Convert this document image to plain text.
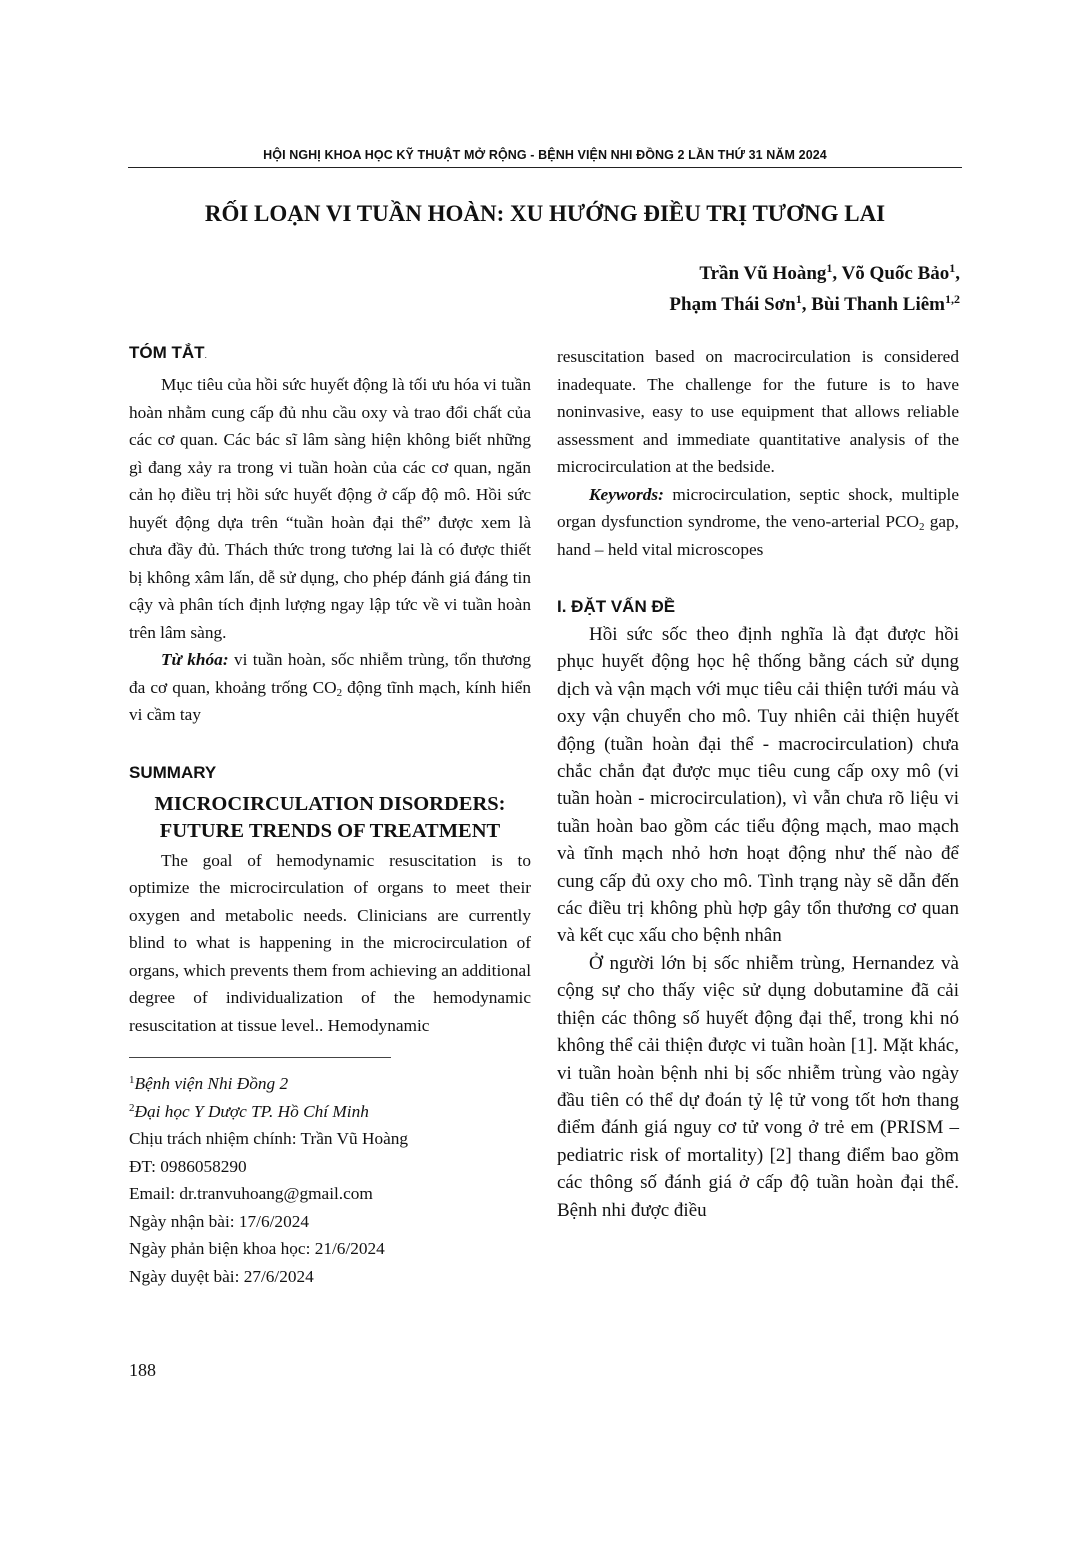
HỘI NGHỊ KHOA HỌC KỸ THUẬT MỞ RỘNG - BỆNH VIỆN NHI ĐỒNG 2 LẦN THỨ 31 NĂM 2024
RỐI LOẠN VI TUẦN HOÀN: XU HƯỚNG ĐIỀU TRỊ TƯƠNG LAI
Trần Vũ Hoàng$^1$, Võ Quốc Bảo$^1$,
Phạm Thái Sơn$^1$, Bùi Thanh Liêm$^{1,2}$
TÓM TẮT.

Mục tiêu của hồi sức huyết động là tối ưu hóa vi tuần hoàn nhằm cung cấp đủ nhu cầu oxy và trao đổi chất của các cơ quan. Các bác sĩ lâm sàng hiện không biết những gì đang xảy ra trong vi tuần hoàn của các cơ quan, ngăn cản họ điều trị hồi sức huyết động ở cấp độ mô. Hồi sức huyết động dựa trên “tuần hoàn đại thể” được xem là chưa đầy đủ. Thách thức trong tương lai là có được thiết bị không xâm lấn, dễ sử dụng, cho phép đánh giá đáng tin cậy và phân tích định lượng ngay lập tức về vi tuần hoàn trên lâm sàng.

Từ khóa: vi tuần hoàn, sốc nhiễm trùng, tổn thương đa cơ quan, khoảng trống $CO_2$ động tĩnh mạch, kính hiển vi cầm tay

SUMMARY
MICROCIRCULATION DISORDERS:
FUTURE TRENDS OF TREATMENT

The goal of hemodynamic resuscitation is to optimize the microcirculation of organs to meet their oxygen and metabolic needs. Clinicians are currently blind to what is happening in the microcirculation of organs, which prevents them from achieving an additional degree of individualization of the hemodynamic resuscitation at tissue level.. Hemodynamic

$^1$Bệnh viện Nhi Đồng 2
$^2$Đại học Y Dược TP. Hồ Chí Minh
Chịu trách nhiệm chính: Trần Vũ Hoàng
ĐT: 0986058290
Email: dr.tranvuhoang@gmail.com
Ngày nhận bài: 17/6/2024
Ngày phản biện khoa học: 21/6/2024
Ngày duyệt bài: 27/6/2024

resuscitation based on macrocirculation is considered inadequate. The challenge for the future is to have noninvasive, easy to use equipment that allows reliable assessment and immediate quantitative analysis of the microcirculation at the bedside.

Keywords: microcirculation, septic shock, multiple organ dysfunction syndrome, the veno-arterial $PCO_2$ gap, hand – held vital microscopes

I. ĐẶT VẤN ĐỀ

Hồi sức sốc theo định nghĩa là đạt được hồi phục huyết động học hệ thống bằng cách sử dụng dịch và vận mạch với mục tiêu cải thiện tưới máu và oxy vận chuyển cho mô. Tuy nhiên cải thiện huyết động (tuần hoàn đại thể - macrocirculation) chưa chắc chắn đạt được mục tiêu cung cấp oxy mô (vi tuần hoàn - microcirculation), vì vẫn chưa rõ liệu vi tuần hoàn bao gồm các tiểu động mạch, mao mạch và tĩnh mạch nhỏ hơn hoạt động như thế nào để cung cấp đủ oxy cho mô. Tình trạng này sẽ dẫn đến các điều trị không phù hợp gây tổn thương cơ quan và kết cục xấu cho bệnh nhân

Ở người lớn bị sốc nhiễm trùng, Hernandez và cộng sự cho thấy việc sử dụng dobutamine đã cải thiện các thông số huyết động đại thể, trong khi nó không thể cải thiện được vi tuần hoàn [1]. Mặt khác, vi tuần hoàn bệnh nhi bị sốc nhiễm trùng vào ngày đầu tiên có thể dự đoán tỷ lệ tử vong tốt hơn thang điểm đánh giá nguy cơ tử vong ở trẻ em (PRISM – pediatric risk of mortality) [2] thang điểm bao gồm các thông số đánh giá ở cấp độ tuần hoàn đại thể. Bệnh nhi được điều

188
